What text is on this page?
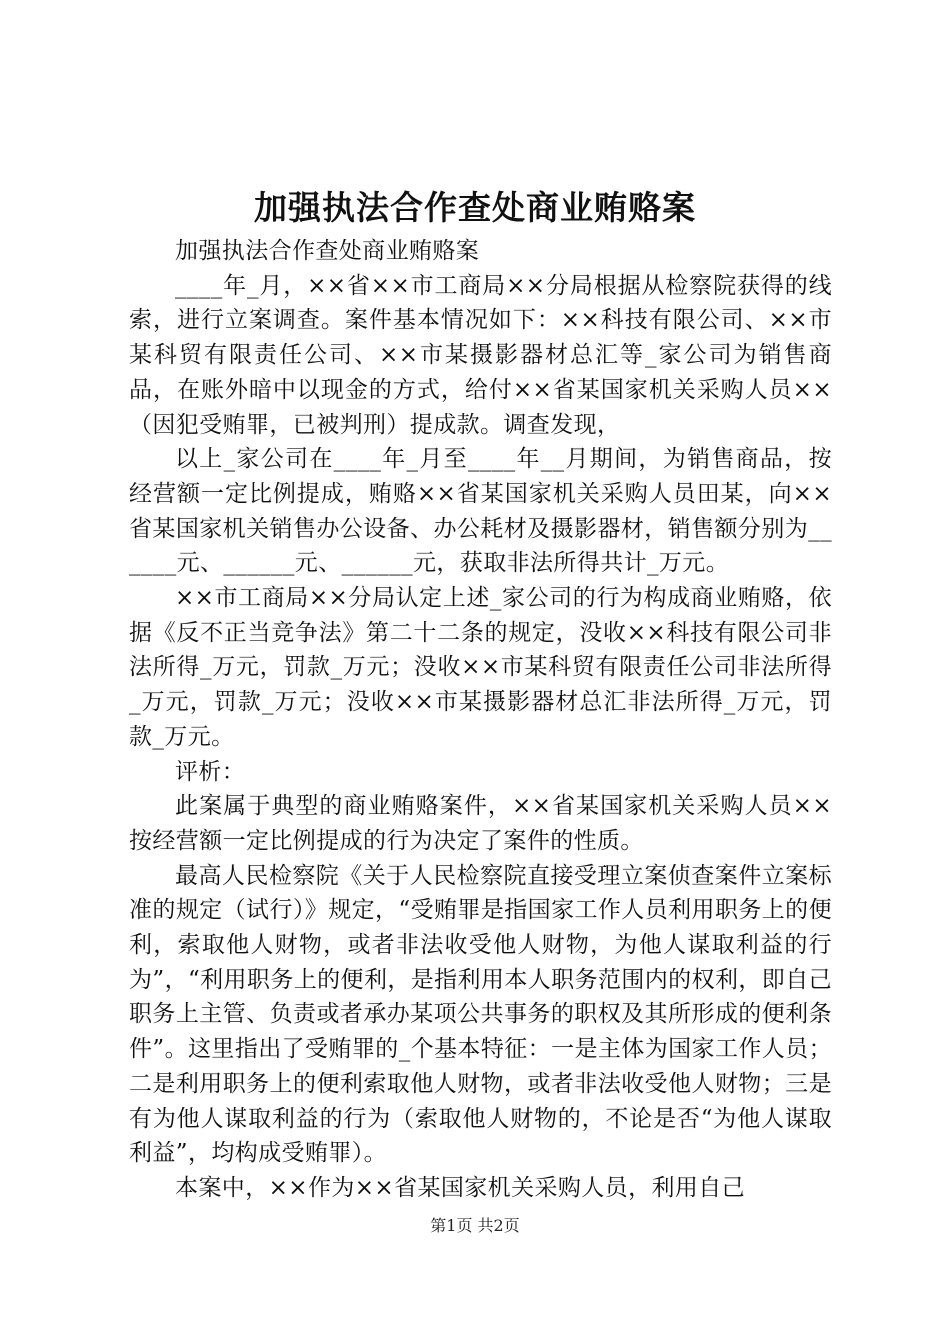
加强执法合作查处商业贿赂案

加强执法合作查处商业贿赂案

____年_月，××省××市工商局××分局根据从检察院获得的线索，进行立案调查。案件基本情况如下：××科技有限公司、××市某科贸有限责任公司、××市某摄影器材总汇等_家公司为销售商品，在账外暗中以现金的方式，给付××省某国家机关采购人员××（因犯受贿罪，已被判刑）提成款。调查发现，

以上_家公司在____年_月至____年__月期间，为销售商品，按经营额一定比例提成，贿赂××省某国家机关采购人员田某，向××省某国家机关销售办公设备、办公耗材及摄影器材，销售额分别为______元、______元、______元，获取非法所得共计_万元。

××市工商局××分局认定上述_家公司的行为构成商业贿赂，依据《反不正当竞争法》第二十二条的规定，没收××科技有限公司非法所得_万元，罚款_万元；没收××市某科贸有限责任公司非法所得_万元，罚款_万元；没收××市某摄影器材总汇非法所得_万元，罚款_万元。

评析：

此案属于典型的商业贿赂案件，××省某国家机关采购人员××按经营额一定比例提成的行为决定了案件的性质。

最高人民检察院《关于人民检察院直接受理立案侦查案件立案标准的规定（试行）》规定，“受贿罪是指国家工作人员利用职务上的便利，索取他人财物，或者非法收受他人财物，为他人谋取利益的行为”，“利用职务上的便利，是指利用本人职务范围内的权利，即自己职务上主管、负责或者承办某项公共事务的职权及其所形成的便利条件”。这里指出了受贿罪的_个基本特征：一是主体为国家工作人员；二是利用职务上的便利索取他人财物，或者非法收受他人财物；三是有为他人谋取利益的行为（索取他人财物的，不论是否“为他人谋取利益”，均构成受贿罪）。

本案中，××作为××省某国家机关采购人员，利用自己

第1页 共2页
